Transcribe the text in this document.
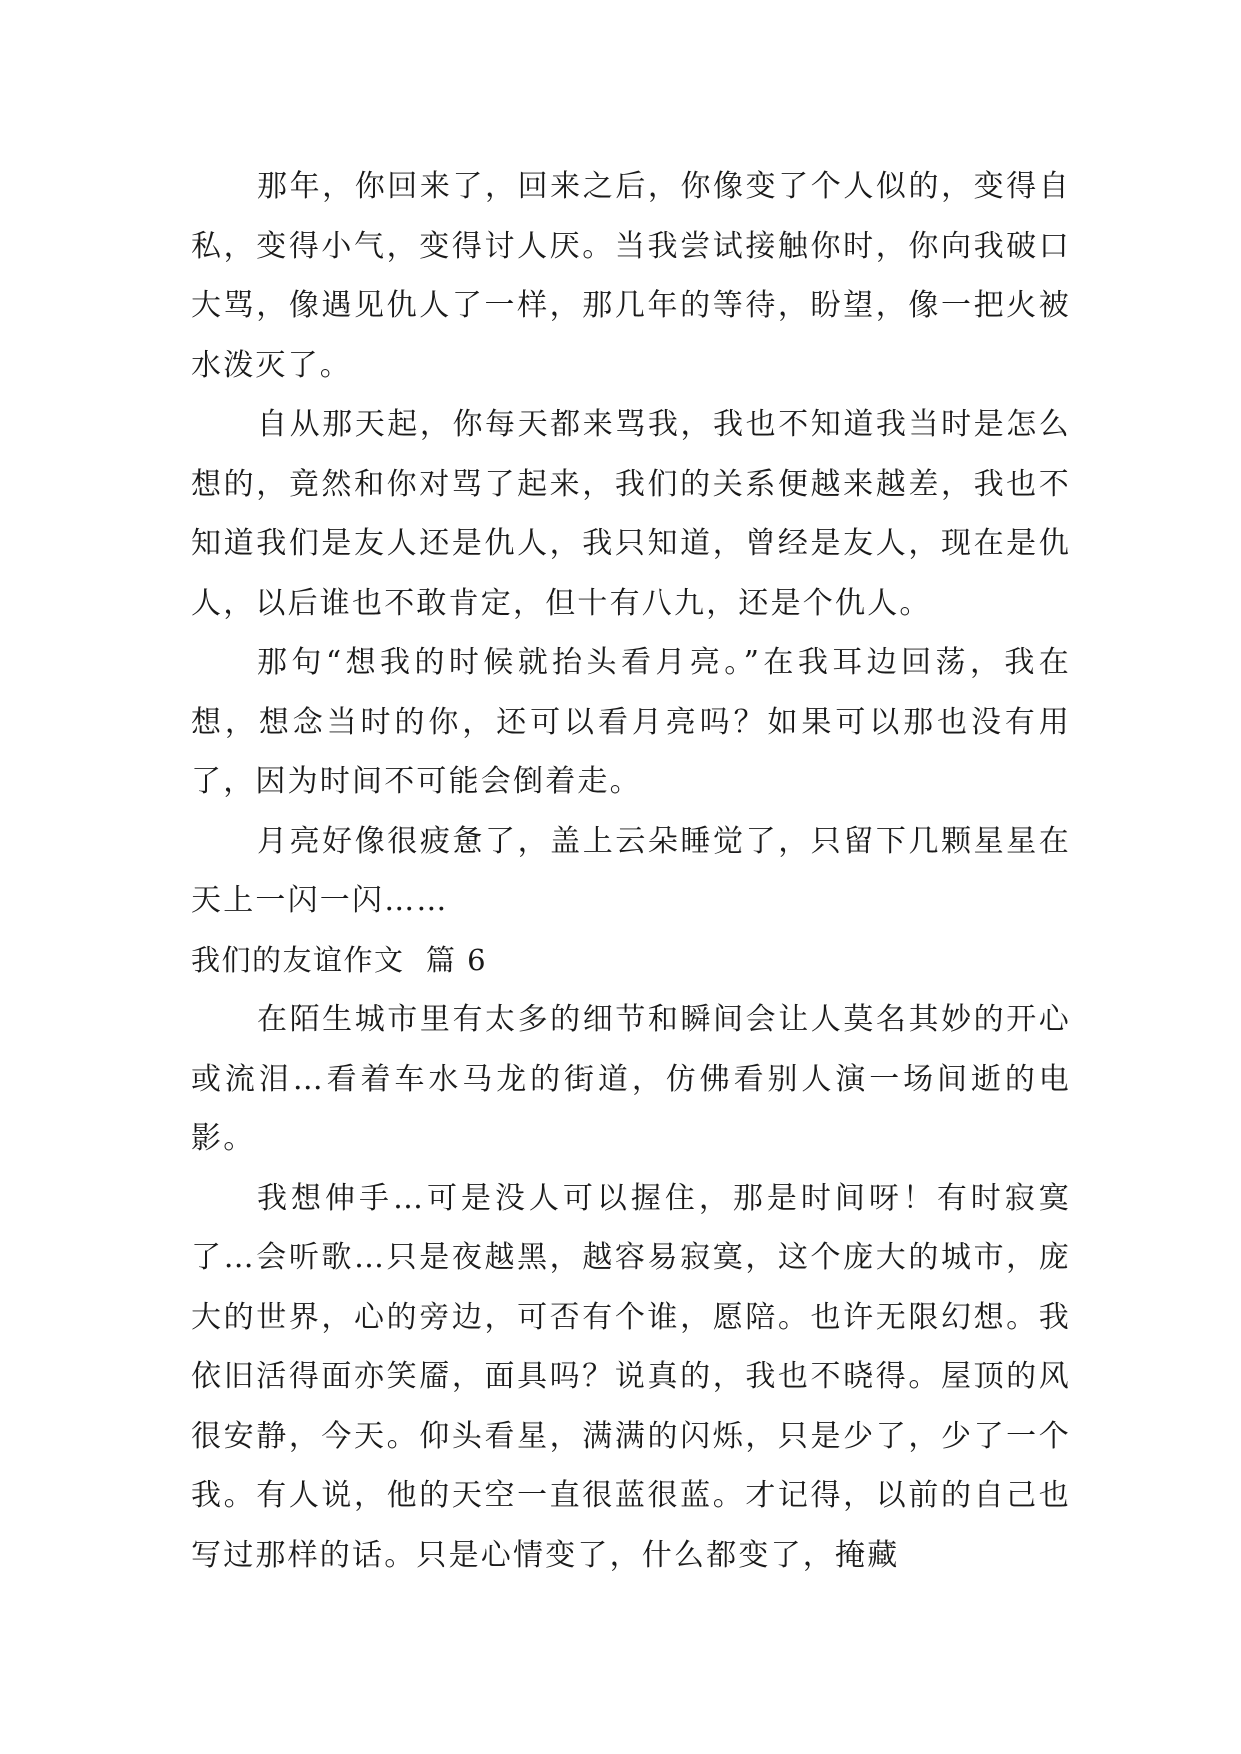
那年，你回来了，回来之后，你像变了个人似的，变得自私，变得小气，变得讨人厌。当我尝试接触你时，你向我破口大骂，像遇见仇人了一样，那几年的等待，盼望，像一把火被水泼灭了。

自从那天起，你每天都来骂我，我也不知道我当时是怎么想的，竟然和你对骂了起来，我们的关系便越来越差，我也不知道我们是友人还是仇人，我只知道，曾经是友人，现在是仇人，以后谁也不敢肯定，但十有八九，还是个仇人。

那句“想我的时候就抬头看月亮。”在我耳边回荡，我在想，想念当时的你，还可以看月亮吗？如果可以那也没有用了，因为时间不可能会倒着走。

月亮好像很疲惫了，盖上云朵睡觉了，只留下几颗星星在天上一闪一闪……

我们的友谊作文  篇 6

在陌生城市里有太多的细节和瞬间会让人莫名其妙的开心或流泪…看着车水马龙的街道，仿佛看别人演一场间逝的电影。

我想伸手…可是没人可以握住，那是时间呀！有时寂寞了…会听歌…只是夜越黑，越容易寂寞，这个庞大的城市，庞大的世界，心的旁边，可否有个谁，愿陪。也许无限幻想。我依旧活得面亦笑靥，面具吗？说真的，我也不晓得。屋顶的风很安静，今天。仰头看星，满满的闪烁，只是少了，少了一个我。有人说，他的天空一直很蓝很蓝。才记得，以前的自己也写过那样的话。只是心情变了，什么都变了，掩藏
